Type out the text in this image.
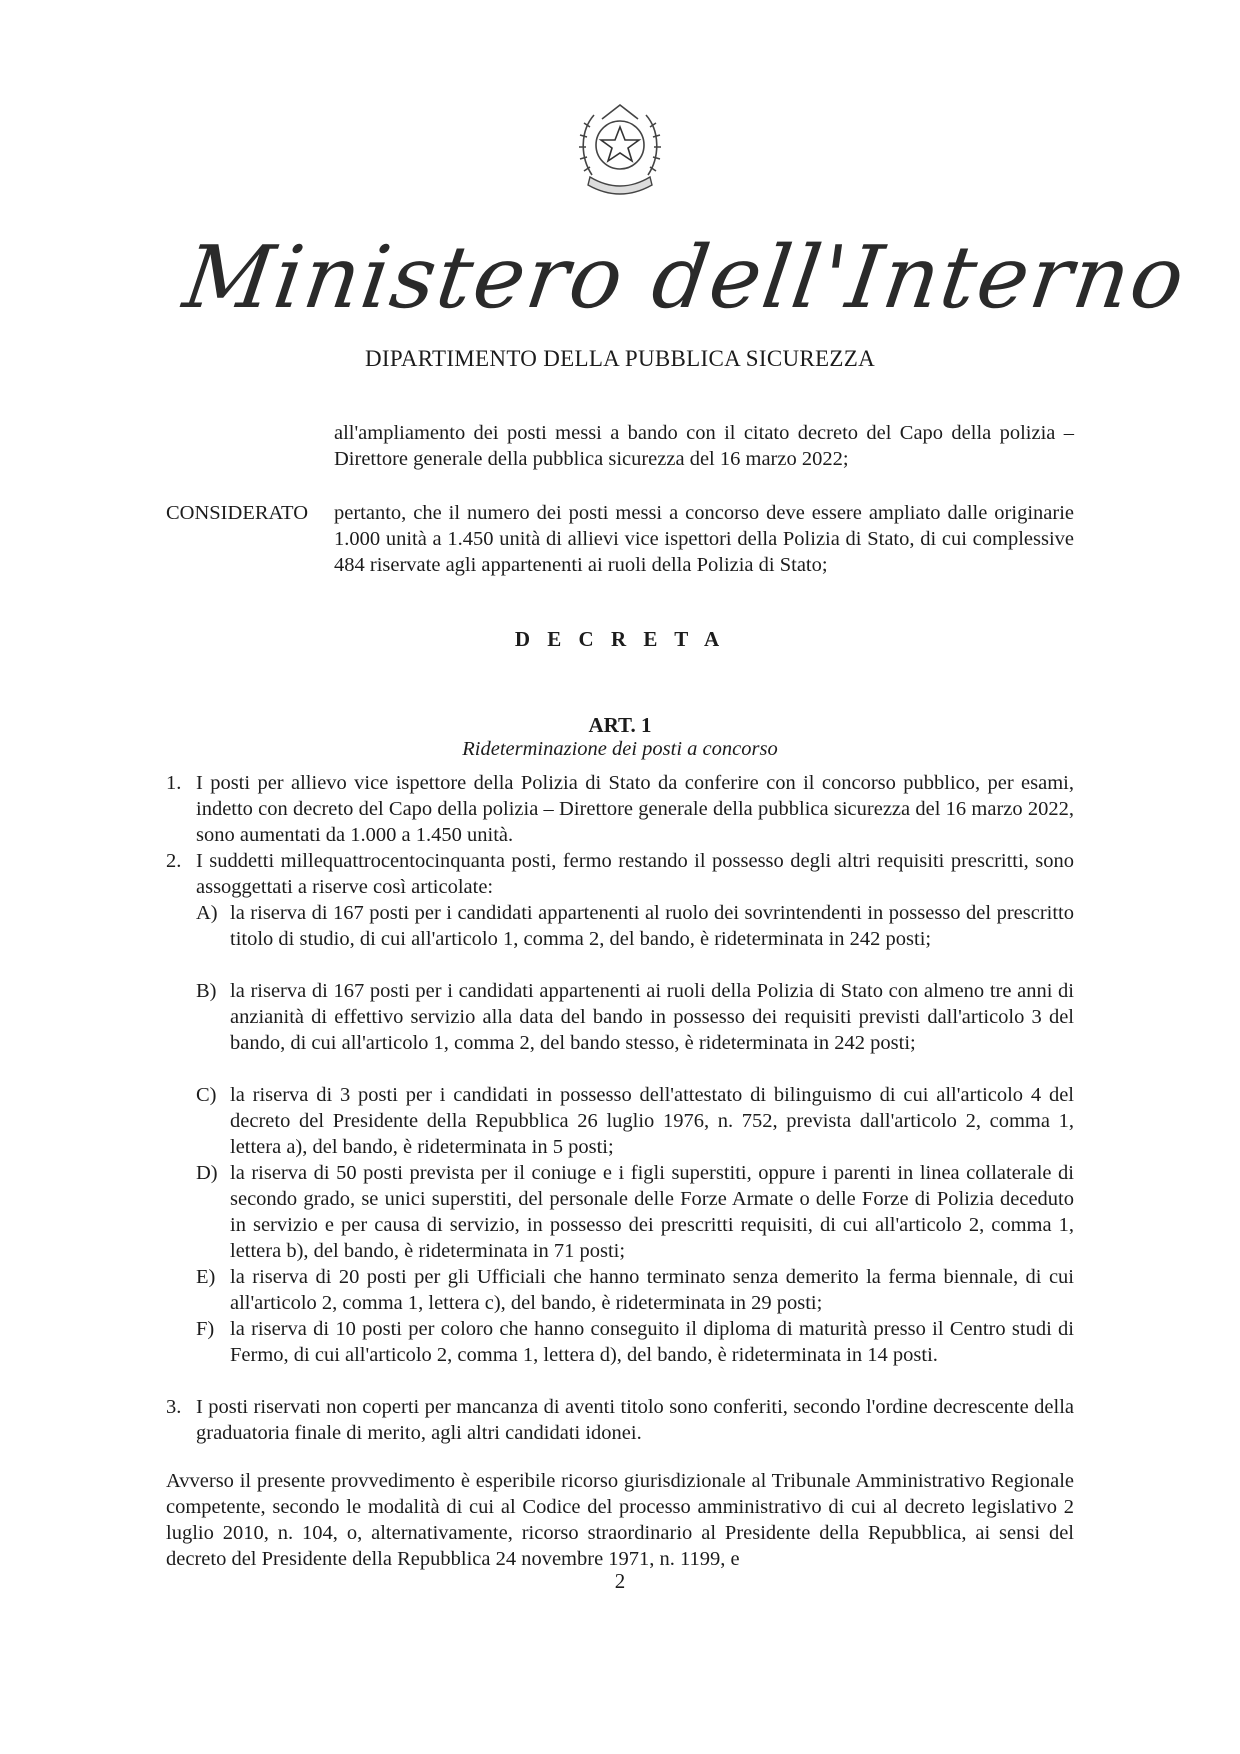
Ministero dell'Interno
DIPARTIMENTO DELLA PUBBLICA SICUREZZA
all'ampliamento dei posti messi a bando con il citato decreto del Capo della polizia – Direttore generale della pubblica sicurezza del 16 marzo 2022;
CONSIDERATO pertanto, che il numero dei posti messi a concorso deve essere ampliato dalle originarie 1.000 unità a 1.450 unità di allievi vice ispettori della Polizia di Stato, di cui complessive 484 riservate agli appartenenti ai ruoli della Polizia di Stato;
D E C R E T A
ART. 1
Rideterminazione dei posti a concorso
1. I posti per allievo vice ispettore della Polizia di Stato da conferire con il concorso pubblico, per esami, indetto con decreto del Capo della polizia – Direttore generale della pubblica sicurezza del 16 marzo 2022, sono aumentati da 1.000 a 1.450 unità.
2. I suddetti millequattrocentocinquanta posti, fermo restando il possesso degli altri requisiti prescritti, sono assoggettati a riserve così articolate:
A) la riserva di 167 posti per i candidati appartenenti al ruolo dei sovrintendenti in possesso del prescritto titolo di studio, di cui all'articolo 1, comma 2, del bando, è rideterminata in 242 posti;
B) la riserva di 167 posti per i candidati appartenenti ai ruoli della Polizia di Stato con almeno tre anni di anzianità di effettivo servizio alla data del bando in possesso dei requisiti previsti dall'articolo 3 del bando, di cui all'articolo 1, comma 2, del bando stesso, è rideterminata in 242 posti;
C) la riserva di 3 posti per i candidati in possesso dell'attestato di bilinguismo di cui all'articolo 4 del decreto del Presidente della Repubblica 26 luglio 1976, n. 752, prevista dall'articolo 2, comma 1, lettera a), del bando, è rideterminata in 5 posti;
D) la riserva di 50 posti prevista per il coniuge e i figli superstiti, oppure i parenti in linea collaterale di secondo grado, se unici superstiti, del personale delle Forze Armate o delle Forze di Polizia deceduto in servizio e per causa di servizio, in possesso dei prescritti requisiti, di cui all'articolo 2, comma 1, lettera b), del bando, è rideterminata in 71 posti;
E) la riserva di 20 posti per gli Ufficiali che hanno terminato senza demerito la ferma biennale, di cui all'articolo 2, comma 1, lettera c), del bando, è rideterminata in 29 posti;
F) la riserva di 10 posti per coloro che hanno conseguito il diploma di maturità presso il Centro studi di Fermo, di cui all'articolo 2, comma 1, lettera d), del bando, è rideterminata in 14 posti.
3. I posti riservati non coperti per mancanza di aventi titolo sono conferiti, secondo l'ordine decrescente della graduatoria finale di merito, agli altri candidati idonei.
Avverso il presente provvedimento è esperibile ricorso giurisdizionale al Tribunale Amministrativo Regionale competente, secondo le modalità di cui al Codice del processo amministrativo di cui al decreto legislativo 2 luglio 2010, n. 104, o, alternativamente, ricorso straordinario al Presidente della Repubblica, ai sensi del decreto del Presidente della Repubblica 24 novembre 1971, n. 1199, e
2
